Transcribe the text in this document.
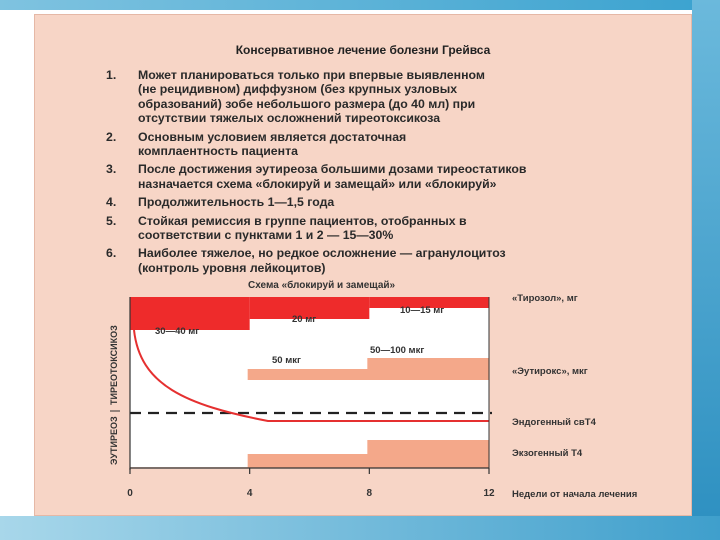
Консервативное лечение болезни Грейвса
1. Может планироваться только при впервые выявленном
(не рецидивном) диффузном (без крупных узловых
образований) зобе небольшого размера (до 40 мл) при
отсутствии тяжелых осложнений тиреотоксикоза
2. Основным условием является достаточная
комплаентность пациента
3. После достижения эутиреоза большими дозами тиреостатиков
назначается схема «блокируй и замещай» или «блокируй»
4. Продолжительность 1—1,5 года
5. Стойкая ремиссия в группе пациентов, отобранных в
соответствии с пунктами 1 и 2 — 15—30%
6. Наиболее тяжелое, но редкое осложнение — агранулоцитоз
(контроль уровня лейкоцитов)
30—40 мг
20 мг
10—15 мг
50 мкг
50—100 мкг
0	4	8	12
Схема «блокируй и замещай»
«Тирозол», мг
«Эутирокс», мкг
Эндогенный свТ4
Экзогенный Т4
Недели от начала лечения
ТИРЕОТОКСИКОЗ
ЭУТИРЕОЗ
